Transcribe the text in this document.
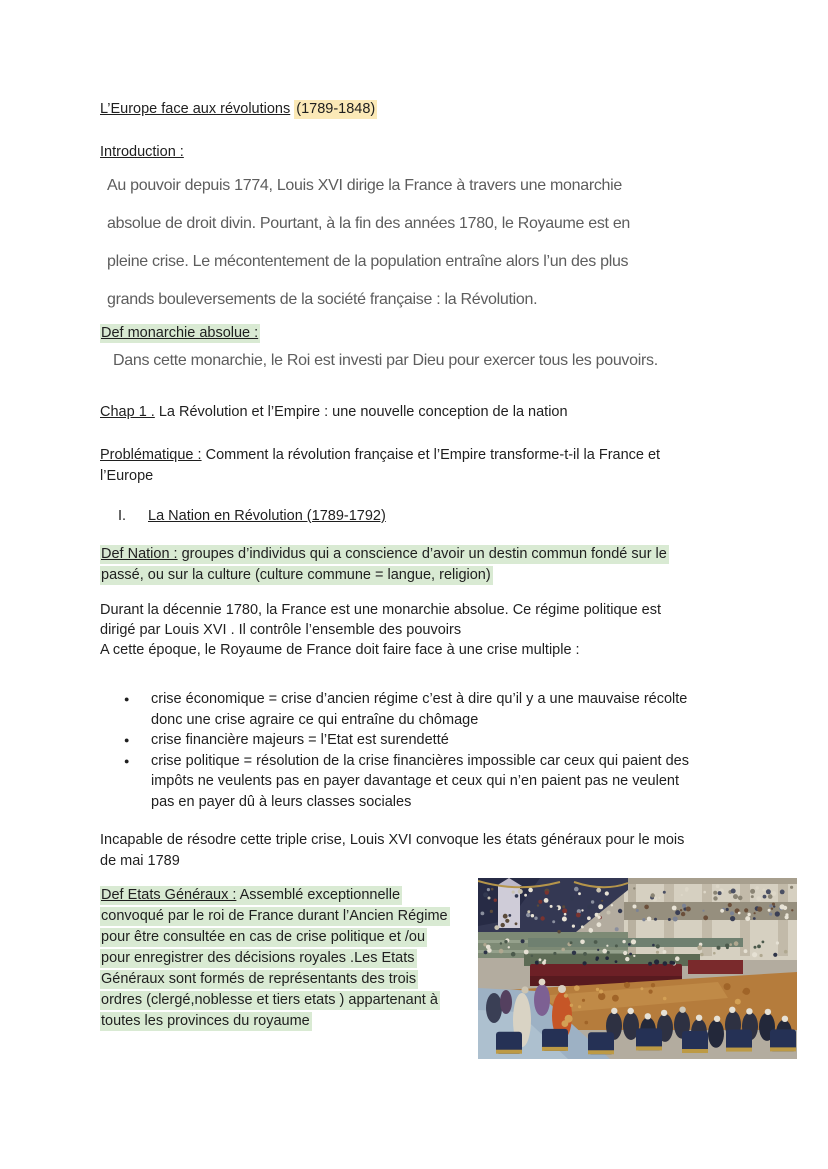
L’Europe face aux révolutions (1789-1848)
Introduction :
Au pouvoir depuis 1774, Louis XVI dirige la France à travers une monarchie
absolue de droit divin. Pourtant, à la fin des années 1780, le Royaume est en
pleine crise. Le mécontentement de la population entraîne alors l’un des plus
grands bouleversements de la société française : la Révolution.
Def monarchie absolue :
Dans cette monarchie, le Roi est investi par Dieu pour exercer tous les pouvoirs.
Chap 1 . La Révolution et l’Empire : une nouvelle conception de la nation
Problématique : Comment la révolution française et l’Empire transforme-t-il la France et
l’Europe
I. La Nation en Révolution (1789-1792)
Def Nation : groupes d’individus qui a conscience d’avoir un destin commun fondé sur le
passé, ou sur la culture (culture commune = langue, religion)
Durant la décennie 1780, la France est une monarchie absolue. Ce régime politique est
dirigé par Louis XVI . Il contrôle l’ensemble des pouvoirs
A cette époque, le Royaume de France doit faire face à une crise multiple :
● crise économique = crise d’ancien régime c’est à dire qu’il y a une mauvaise récolte
donc une crise agraire ce qui entraîne du chômage
● crise financière majeurs = l’Etat est surendetté
● crise politique = résolution de la crise financières impossible car ceux qui paient des
impôts ne veulents pas en payer davantage et ceux qui n’en paient pas ne veulent
pas en payer dû à leurs classes sociales
Incapable de résodre cette triple crise, Louis XVI convoque les états généraux pour le mois
de mai 1789
Def Etats Généraux : Assemblé exceptionnelle
convoqué par le roi de France durant l’Ancien Régime
pour être consultée en cas de crise politique et /ou
pour enregistrer des décisions royales .Les Etats
Généraux sont formés de représentants des trois
ordres (clergé,noblesse et tiers etats ) appartenant à
toutes les provinces du royaume
